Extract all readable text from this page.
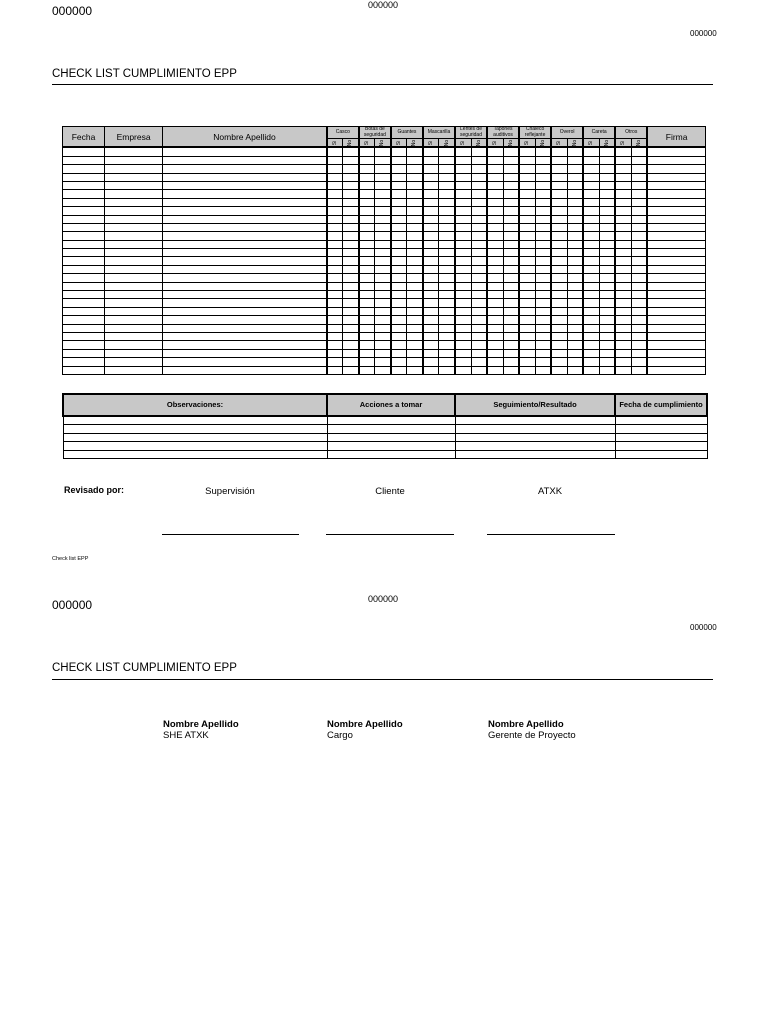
000000	000000
000000
CHECK LIST CUMPLIMIENTO EPP
Fecha	Empresa	Nombre Apellido	Casco		Botas de seguridad		Guantes		Mascarilla		Lentes de seguridad		Tapones auditivos		Chaleco reflejante		Overol		Careta		Otros		Firma
			Si	No	Si	No	Si	No	Si	No	Si	No	Si	No	Si	No	Si	No	Si	No	Si	No	

Observaciones:	Acciones a tomar	Seguimiento/Resultado	Fecha de cumplimiento

Revisado por:	Supervisión	Cliente	ATXK
Check list EPP
000000	000000
000000
CHECK LIST CUMPLIMIENTO EPP
Nombre Apellido
SHE ATXK
Nombre Apellido
Cargo
Nombre Apellido
Gerente de Proyecto
